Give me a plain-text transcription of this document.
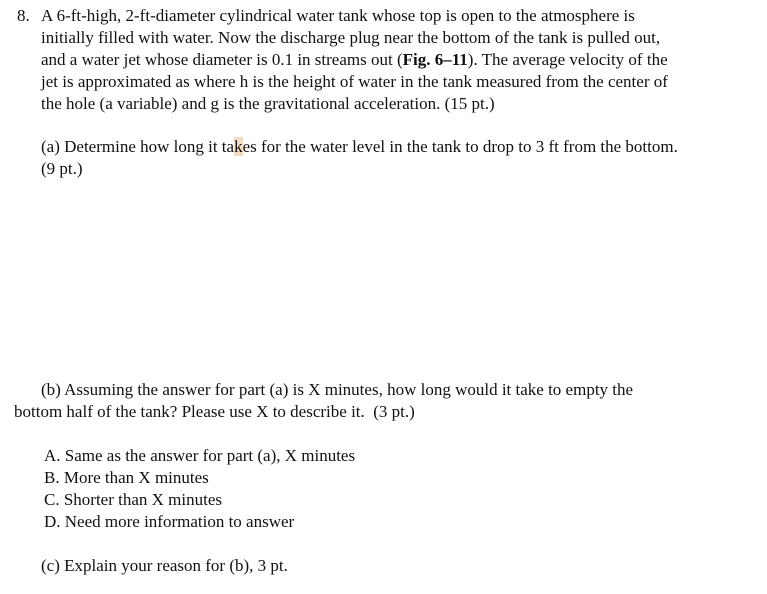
8. A 6-ft-high, 2-ft-diameter cylindrical water tank whose top is open to the atmosphere is
initially filled with water. Now the discharge plug near the bottom of the tank is pulled out,
and a water jet whose diameter is 0.1 in streams out (Fig. 6–11). The average velocity of the
jet is approximated as where h is the height of water in the tank measured from the center of
the hole (a variable) and g is the gravitational acceleration. (15 pt.)
(a) Determine how long it takes for the water level in the tank to drop to 3 ft from the bottom.
(9 pt.)
(b) Assuming the answer for part (a) is X minutes, how long would it take to empty the
bottom half of the tank? Please use X to describe it.  (3 pt.)
A. Same as the answer for part (a), X minutes
B. More than X minutes
C. Shorter than X minutes
D. Need more information to answer
(c) Explain your reason for (b), 3 pt.
